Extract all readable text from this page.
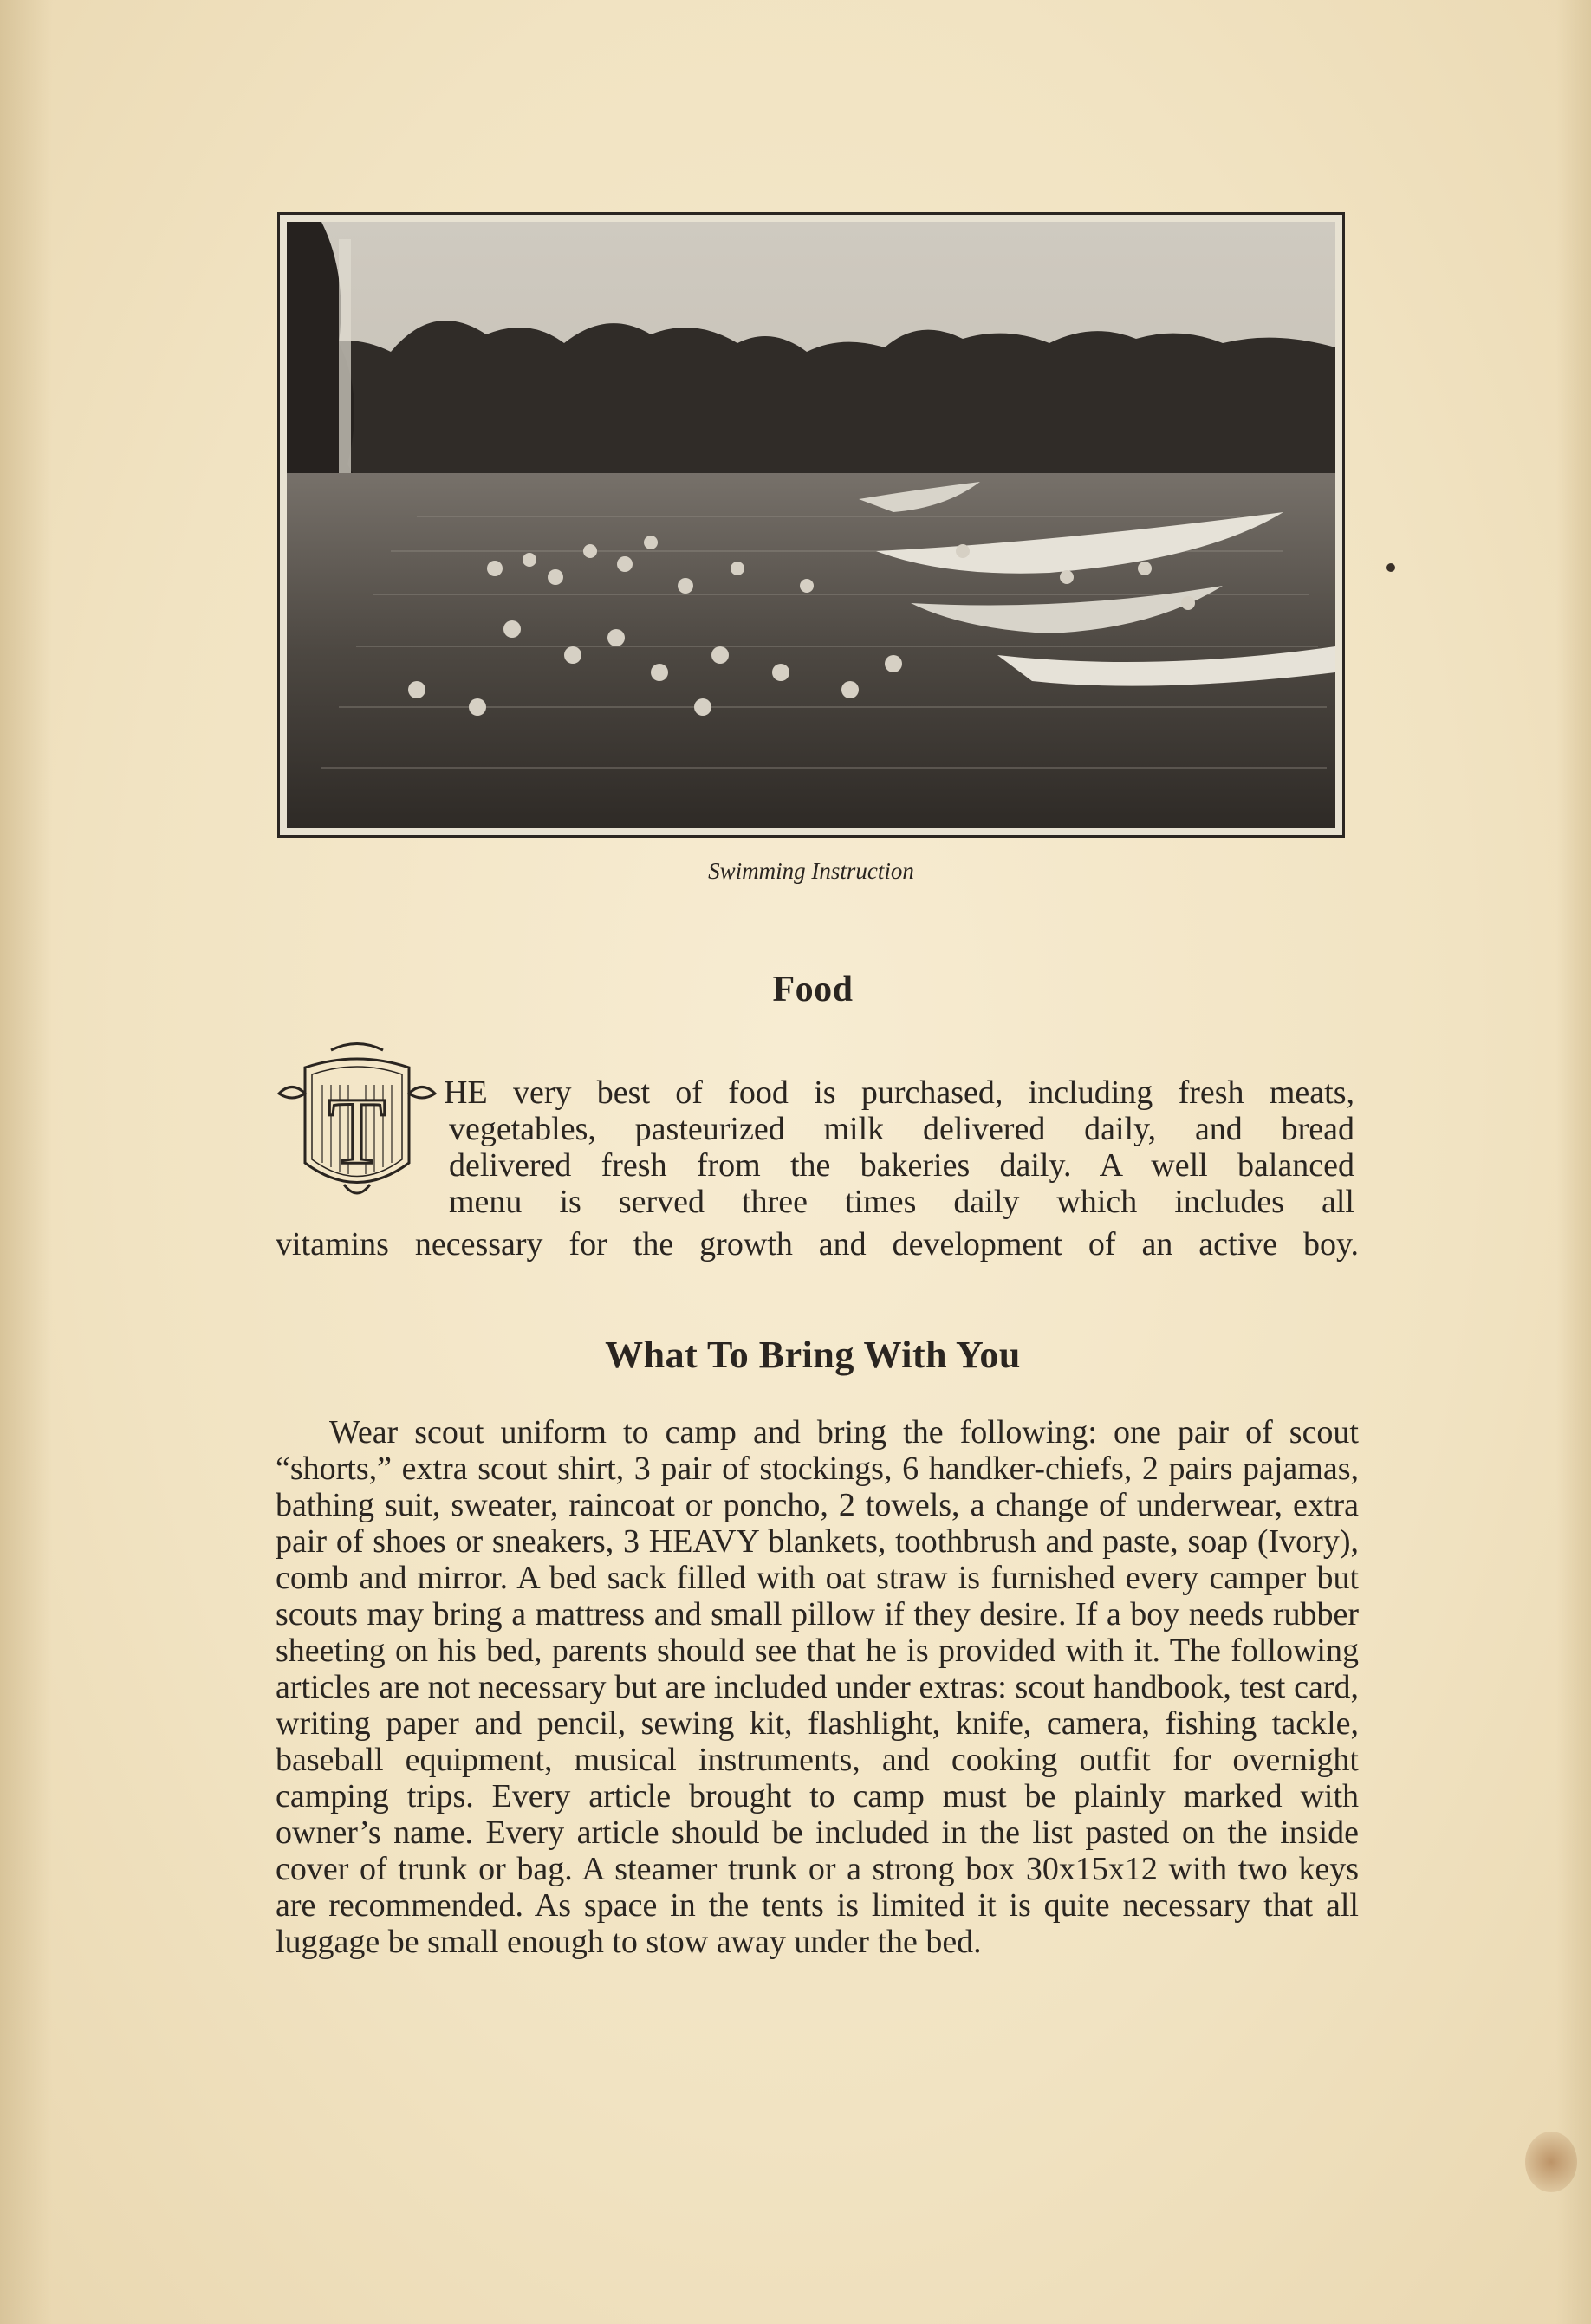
Swimming Instruction
Food
T HE very best of food is purchased, including fresh meats,
vegetables, pasteurized milk delivered daily, and bread
delivered fresh from the bakeries daily. A well balanced
menu is served three times daily which includes all
vitamins necessary for the growth and development of an active boy.
What To Bring With You

Wear scout uniform to camp and bring the following: one pair of scout “shorts,” extra scout shirt, 3 pair of stockings, 6 handker-chiefs, 2 pairs pajamas, bathing suit, sweater, raincoat or poncho, 2 towels, a change of underwear, extra pair of shoes or sneakers, 3 HEAVY blankets, toothbrush and paste, soap (Ivory), comb and mirror. A bed sack filled with oat straw is furnished every camper but scouts may bring a mattress and small pillow if they desire. If a boy needs rubber sheeting on his bed, parents should see that he is provided with it. The following articles are not necessary but are included under extras: scout handbook, test card, writing paper and pencil, sewing kit, flashlight, knife, camera, fishing tackle, baseball equipment, musical instruments, and cooking outfit for overnight camping trips. Every article brought to camp must be plainly marked with owner’s name. Every article should be included in the list pasted on the inside cover of trunk or bag. A steamer trunk or a strong box 30x15x12 with two keys are recommended. As space in the tents is limited it is quite necessary that all luggage be small enough to stow away under the bed.
